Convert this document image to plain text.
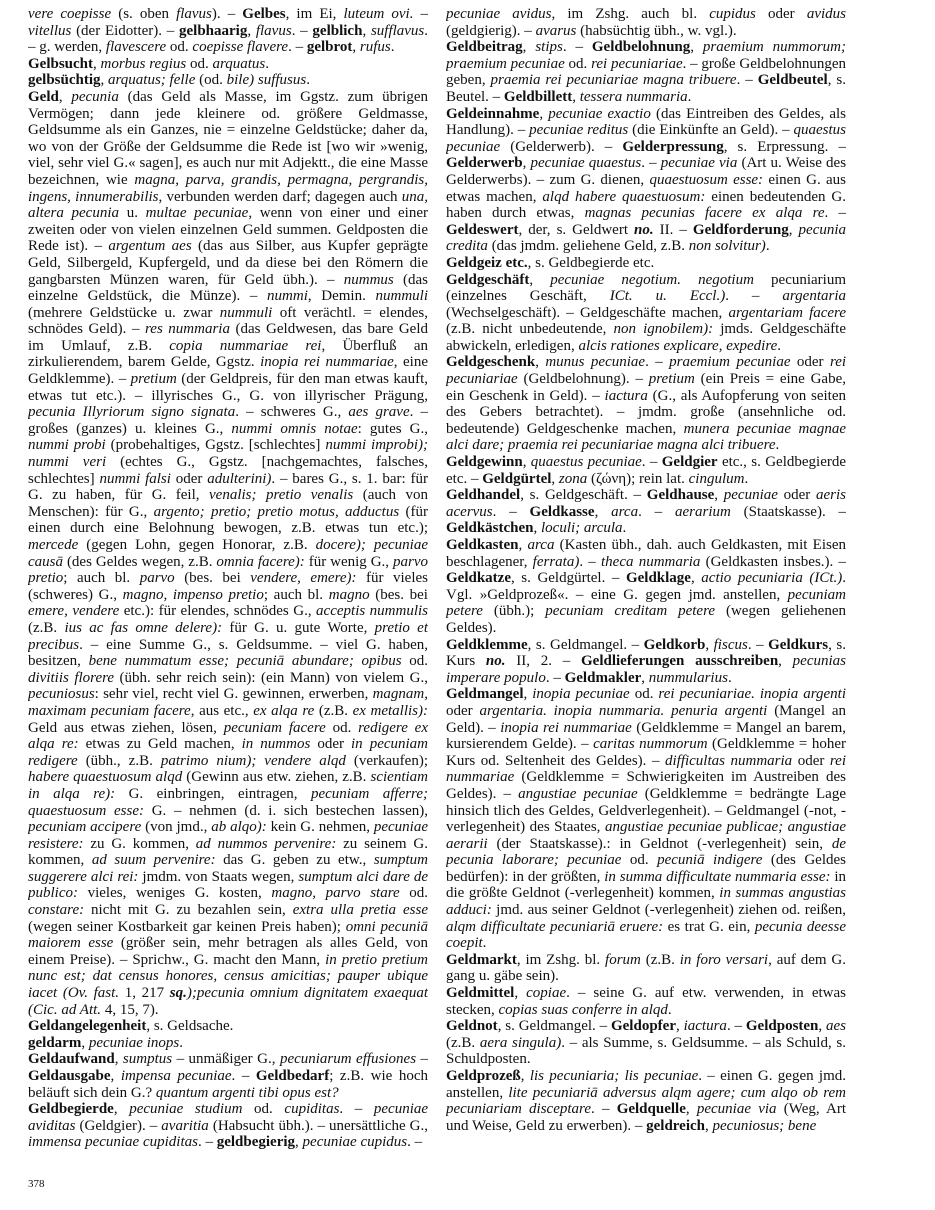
vere coepisse (s. oben flavus). – Gelbes, im Ei, luteum ovi. – vitellus (der Eidotter). – gelbhaarig, flavus. – gelblich, sufflavus. – g. werden, flavescere od. coepisse flavere. – gelbrot, rufus.

Gelbsucht, morbus regius od. arquatus.

gelbsüchtig, arquatus; felle (od. bile) suffusus.

Geld, pecunia (das Geld als Masse, im Ggstz. zum übrigen Vermögen; dann jede kleinere od. größere Geldmasse, Geldsumme als ein Ganzes, nie = einzelne Geldstücke; daher da, wo von der Größe der Geldsumme die Rede ist [wo wir »wenig, viel, sehr viel G.« sagen], es auch nur mit Adjektt., die eine Masse bezeichnen, wie magna, parva, grandis, permagna, pergrandis, ingens, innumerabilis, verbunden werden darf; dagegen auch una, altera pecunia u. multae pecuniae, wenn von einer und einer zweiten oder von vielen einzelnen Geld summen. Geldposten die Rede ist). – argentum aes (das aus Silber, aus Kupfer geprägte Geld, Silbergeld, Kupfergeld, und da diese bei den Römern die gangbarsten Münzen waren, für Geld übh.). – nummus (das einzelne Geldstück, die Münze). – nummi, Demin. nummuli (mehrere Geldstücke u. zwar nummuli oft verächtl. = elendes, schnödes Geld). – res nummaria (das Geldwesen, das bare Geld im Umlauf, z.B. copia nummariae rei, Überfluß an zirkulierendem, barem Gelde, Ggstz. inopia rei nummariae, eine Geldklemme). – pretium (der Geldpreis, für den man etwas kauft, etwas tut etc.). – illyrisches G., G. von illyrischer Prägung, pecunia Illyriorum signo signata. – schweres G., aes grave. – großes (ganzes) u. kleines G., nummi omnis notae: gutes G., nummi probi (probehaltiges, Ggstz. [schlechtes] nummi improbi); nummi veri (echtes G., Ggstz. [nachgemachtes, falsches, schlechtes] nummi falsi oder adulterini). – bares G., s. 1. bar: für G. zu haben, für G. feil, venalis; pretio venalis (auch von Menschen): für G., argento; pretio; pretio motus, adductus (für einen durch eine Belohnung bewogen, z.B. etwas tun etc.); mercede (gegen Lohn, gegen Honorar, z.B. docere); pecuniae causā (des Geldes wegen, z.B. omnia facere): für wenig G., parvo pretio; auch bl. parvo (bes. bei vendere, emere): für vieles (schweres) G., magno, impenso pretio; auch bl. magno (bes. bei emere, vendere etc.): für elendes, schnödes G., acceptis nummulis (z.B. ius ac fas omne delere): für G. u. gute Worte, pretio et precibus. – eine Summe G., s. Geldsumme. – viel G. haben, besitzen, bene nummatum esse; pecuniā abundare; opibus od. divitiis florere (übh. sehr reich sein): (ein Mann) von vielem G., pecuniosus: sehr viel, recht viel G. gewinnen, erwerben, magnam, maximam pecuniam facere, aus etc., ex alqa re (z.B. ex metallis): Geld aus etwas ziehen, lösen, pecuniam facere od. redigere ex alqa re: etwas zu Geld machen, in nummos oder in pecuniam redigere (übh., z.B. patrimo nium); vendere alqd (verkaufen); habere quaestuosum alqd (Gewinn aus etw. ziehen, z.B. scientiam in alqa re): G. einbringen, eintragen, pecuniam afferre; quaestuosum esse: G. – nehmen (d. i. sich bestechen lassen), pecuniam accipere (von jmd., ab alqo): kein G. nehmen, pecuniae resistere: zu G. kommen, ad nummos pervenire: zu seinem G. kommen, ad suum pervenire: das G. geben zu etw., sumptum suggerere alci rei: jmdm. von Staats wegen, sumptum alci dare de publico: vieles, weniges G. kosten, magno, parvo stare od. constare: nicht mit G. zu bezahlen sein, extra ulla pretia esse (wegen seiner Kostbarkeit gar keinen Preis haben); omni pecuniā maiorem esse (größer sein, mehr betragen als alles Geld, von einem Preise). – Sprichw., G. macht den Mann, in pretio pretium nunc est; dat census honores, census amicitias; pauper ubique iacet (Ov. fast. 1, 217 sq.);pecunia omnium dignitatem exaequat (Cic. ad Att. 4, 15, 7).

Geldangelegenheit, s. Geldsache.

geldarm, pecuniae inops.

Geldaufwand, sumptus – unmäßiger G., pecuniarum effusiones – Geldausgabe, impensa pecuniae. – Geldbedarf; z.B. wie hoch beläuft sich dein G.? quantum argenti tibi opus est?

Geldbegierde, pecuniae studium od. cupiditas. – pecuniae aviditas (Geldgier). – avaritia (Habsucht übh.). – unersättliche G., immensa pecuniae cupiditas. – geldbegierig, pecuniae cupidus. –

pecuniae avidus, im Zshg. auch bl. cupidus oder avidus (geldgierig). – avarus (habsüchtig übh., w. vgl.).

Geldbeitrag, stips. – Geldbelohnung, praemium nummorum; praemium pecuniae od. rei pecuniariae. – große Geldbelohnungen geben, praemia rei pecuniariae magna tribuere. – Geldbeutel, s. Beutel. – Geldbillett, tessera nummaria.

Geldeinnahme, pecuniae exactio (das Eintreiben des Geldes, als Handlung). – pecuniae reditus (die Einkünfte an Geld). – quaestus pecuniae (Gelderwerb). – Gelderpressung, s. Erpressung. – Gelderwerb, pecuniae quaestus. – pecuniae via (Art u. Weise des Gelderwerbs). – zum G. dienen, quaestuosum esse: einen G. aus etwas machen, alqd habere quaestuosum: einen bedeutenden G. haben durch etwas, magnas pecunias facere ex alqa re. – Geldeswert, der, s. Geldwert no. II. – Geldforderung, pecunia credita (das jmdm. geliehene Geld, z.B. non solvitur).

Geldgeiz etc., s. Geldbegierde etc.

Geldgeschäft, pecuniae negotium. negotium pecuniarium (einzelnes Geschäft, ICt. u. Eccl.). – argentaria (Wechselgeschäft). – Geldgeschäfte machen, argentariam facere (z.B. nicht unbedeutende, non ignobilem): jmds. Geldgeschäfte abwickeln, erledigen, alcis rationes explicare, expedire.

Geldgeschenk, munus pecuniae. – praemium pecuniae oder rei pecuniariae (Geldbelohnung). – pretium (ein Preis = eine Gabe, ein Geschenk in Geld). – iactura (G., als Aufopferung von seiten des Gebers betrachtet). – jmdm. große (ansehnliche od. bedeutende) Geldgeschenke machen, munera pecuniae magnae alci dare; praemia rei pecuniariae magna alci tribuere.

Geldgewinn, quaestus pecuniae. – Geldgier etc., s. Geldbegierde etc. – Geldgürtel, zona (ζώνη); rein lat. cingulum.

Geldhandel, s. Geldgeschäft. – Geldhause, pecuniae oder aeris acervus. – Geldkasse, arca. – aerarium (Staatskasse). – Geldkästchen, loculi; arcula.

Geldkasten, arca (Kasten übh., dah. auch Geldkasten, mit Eisen beschlagener, ferrata). – theca nummaria (Geldkasten insbes.). – Geldkatze, s. Geldgürtel. – Geldklage, actio pecuniaria (ICt.). Vgl. »Geldprozeß«. – eine G. gegen jmd. anstellen, pecuniam petere (übh.); pecuniam creditam petere (wegen geliehenen Geldes).

Geldklemme, s. Geldmangel. – Geldkorb, fiscus. – Geldkurs, s. Kurs no. II, 2. – Geldlieferungen ausschreiben, pecunias imperare populo. – Geldmakler, nummularius.

Geldmangel, inopia pecuniae od. rei pecuniariae. inopia argenti oder argentaria. inopia nummaria. penuria argenti (Mangel an Geld). – inopia rei nummariae (Geldklemme = Mangel an barem, kursierendem Gelde). – caritas nummorum (Geldklemme = hoher Kurs od. Seltenheit des Geldes). – difficultas nummaria oder rei nummariae (Geldklemme = Schwierigkeiten im Austreiben des Geldes). – angustiae pecuniae (Geldklemme = bedrängte Lage hinsich tlich des Geldes, Geldverlegenheit). – Geldmangel (-not, -verlegenheit) des Staates, angustiae pecuniae publicae; angustiae aerarii (der Staatskasse).: in Geldnot (-verlegenheit) sein, de pecunia laborare; pecuniae od. pecuniā indigere (des Geldes bedürfen): in der größten, in summa difficultate nummaria esse: in die größte Geldnot (-verlegenheit) kommen, in summas angustias adduci: jmd. aus seiner Geldnot (-verlegenheit) ziehen od. reißen, alqm difficultate pecuniariā eruere: es trat G. ein, pecunia deesse coepit.

Geldmarkt, im Zshg. bl. forum (z.B. in foro versari, auf dem G. gang u. gäbe sein).

Geldmittel, copiae. – seine G. auf etw. verwenden, in etwas stecken, copias suas conferre in alqd.

Geldnot, s. Geldmangel. – Geldopfer, iactura. – Geldposten, aes (z.B. aera singula). – als Summe, s. Geldsumme. – als Schuld, s. Schuldposten.

Geldprozeß, lis pecuniaria; lis pecuniae. – einen G. gegen jmd. anstellen, lite pecuniariā adversus alqm agere; cum alqo ob rem pecuniariam disceptare. – Geldquelle, pecuniae via (Weg, Art und Weise, Geld zu erwerben). – geldreich, pecuniosus; bene

378
